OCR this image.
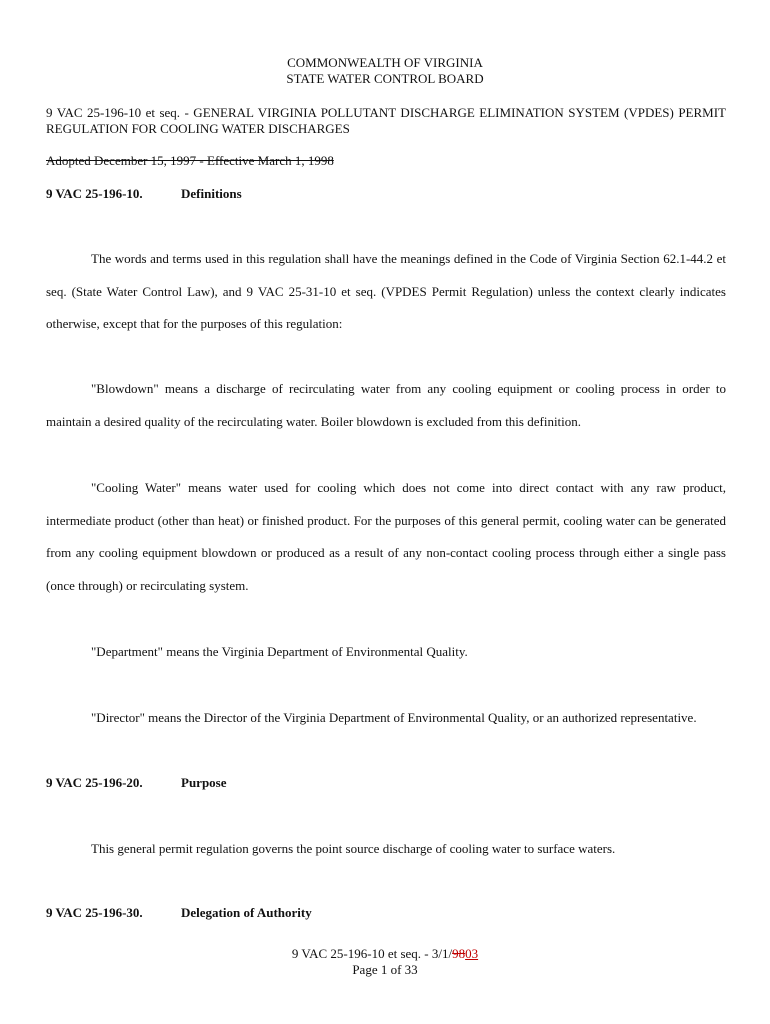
COMMONWEALTH OF VIRGINIA
STATE WATER CONTROL BOARD
9 VAC 25-196-10 et seq. - GENERAL VIRGINIA POLLUTANT DISCHARGE ELIMINATION SYSTEM (VPDES) PERMIT REGULATION FOR COOLING WATER DISCHARGES
Adopted December 15, 1997 - Effective March 1, 1998
9 VAC 25-196-10.	Definitions
The words and terms used in this regulation shall have the meanings defined in the Code of Virginia Section 62.1-44.2 et seq. (State Water Control Law), and 9 VAC 25-31-10 et seq. (VPDES Permit Regulation) unless the context clearly indicates otherwise, except that for the purposes of this regulation:
"Blowdown" means a discharge of recirculating water from any cooling equipment or cooling process in order to maintain a desired quality of the recirculating water. Boiler blowdown is excluded from this definition.
"Cooling Water" means water used for cooling which does not come into direct contact with any raw product, intermediate product (other than heat) or finished product. For the purposes of this general permit, cooling water can be generated from any cooling equipment blowdown or produced as a result of any non-contact cooling process through either a single pass (once through) or recirculating system.
"Department" means the Virginia Department of Environmental Quality.
"Director" means the Director of the Virginia Department of Environmental Quality, or an authorized representative.
9 VAC 25-196-20.	Purpose
This general permit regulation governs the point source discharge of cooling water to surface waters.
9 VAC 25-196-30.	Delegation of Authority
9 VAC 25-196-10 et seq. - 3/1/9803
Page 1 of 33
